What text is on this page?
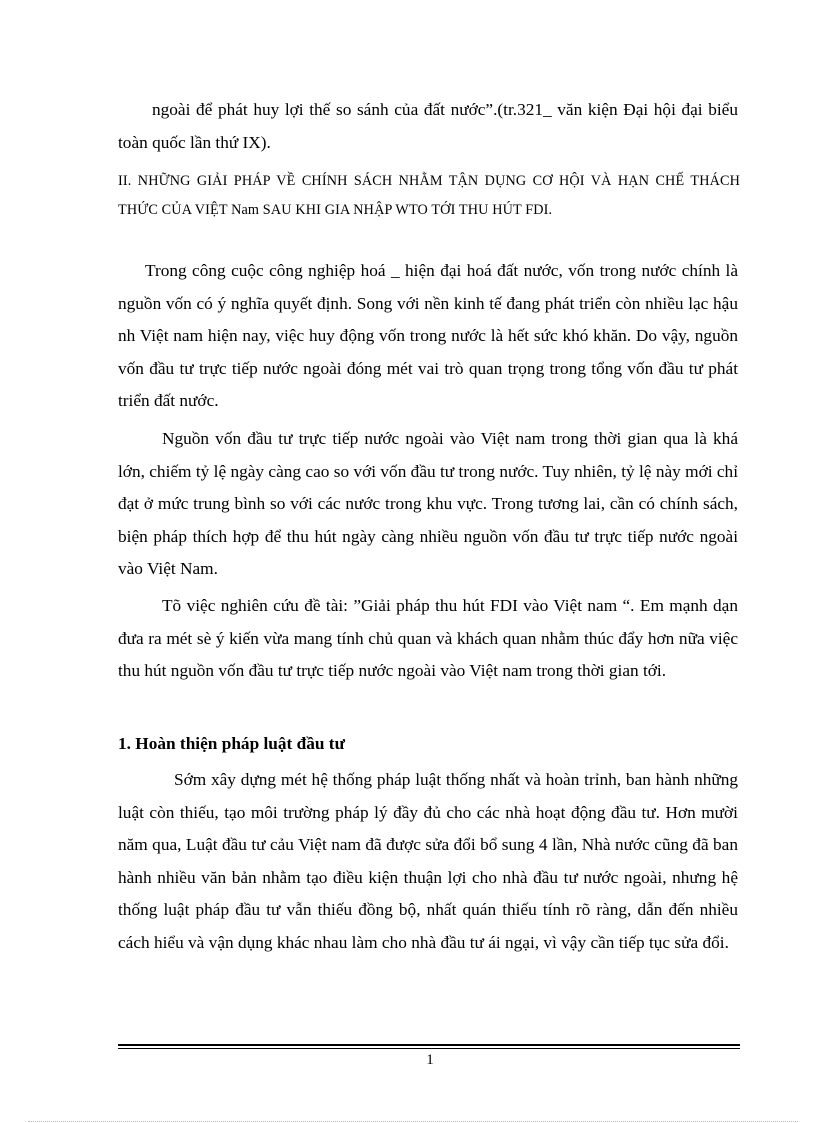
ngoài để phát huy lợi thế so sánh của đất nước”.(tr.321_ văn kiện Đại hội đại biểu toàn quốc lần thứ IX).

II. NHỮNG GIẢI PHÁP VỀ CHÍNH SÁCH NHẰM TẬN DỤNG CƠ HỘI VÀ HẠN CHẾ THÁCH THỨC CỦA VIỆT Nam SAU KHI GIA NHẬP WTO TỚI THU HÚT FDI.

Trong công cuộc công nghiệp hoá _ hiện đại hoá đất nước, vốn trong nước chính là nguồn vốn có ý nghĩa quyết định. Song với nền kinh tế đang phát triển còn nhiều lạc hậu nh Việt nam hiện nay, việc huy động vốn trong nước là hết sức khó khăn. Do vậy, nguồn vốn đầu tư trực tiếp nước ngoài đóng mét vai trò quan trọng trong tổng vốn đầu tư phát triển đất nước.

Nguồn vốn đầu tư trực tiếp nước ngoài vào Việt nam trong thời gian qua là khá lớn, chiếm tỷ lệ ngày càng cao so với vốn đầu tư trong nước. Tuy nhiên, tỷ lệ này mới chỉ đạt ở mức trung bình so với các nước trong khu vực. Trong tương lai, cần có chính sách, biện pháp thích hợp để thu hút ngày càng nhiều nguồn vốn đầu tư trực tiếp nước ngoài vào Việt Nam.

Tõ việc nghiên cứu đề tài: ”Giải pháp thu hút FDI vào Việt nam “. Em mạnh dạn đưa ra mét sè ý kiến vừa mang tính chủ quan và khách quan nhằm thúc đẩy hơn nữa việc thu hút nguồn vốn đầu tư trực tiếp nước ngoài vào Việt nam trong thời gian tới.

1. Hoàn thiện pháp luật đầu tư

Sớm xây dựng mét hệ thống pháp luật thống nhất và hoàn trỉnh, ban hành những luật còn thiếu, tạo môi trường pháp lý đầy đủ cho các nhà hoạt động đầu tư. Hơn mười năm qua, Luật đầu tư cảu Việt nam đã được sửa đổi bổ sung 4 lần, Nhà nước cũng đã ban hành nhiều văn bản nhằm tạo điều kiện thuận lợi cho nhà đầu tư nước ngoài, nhưng hệ thống luật pháp đầu tư vẫn thiếu đồng bộ, nhất quán thiếu tính rõ ràng, dẫn đến nhiều cách hiểu và vận dụng khác nhau làm cho nhà đầu tư ái ngại, vì vậy cần tiếp tục sửa đổi.

1
